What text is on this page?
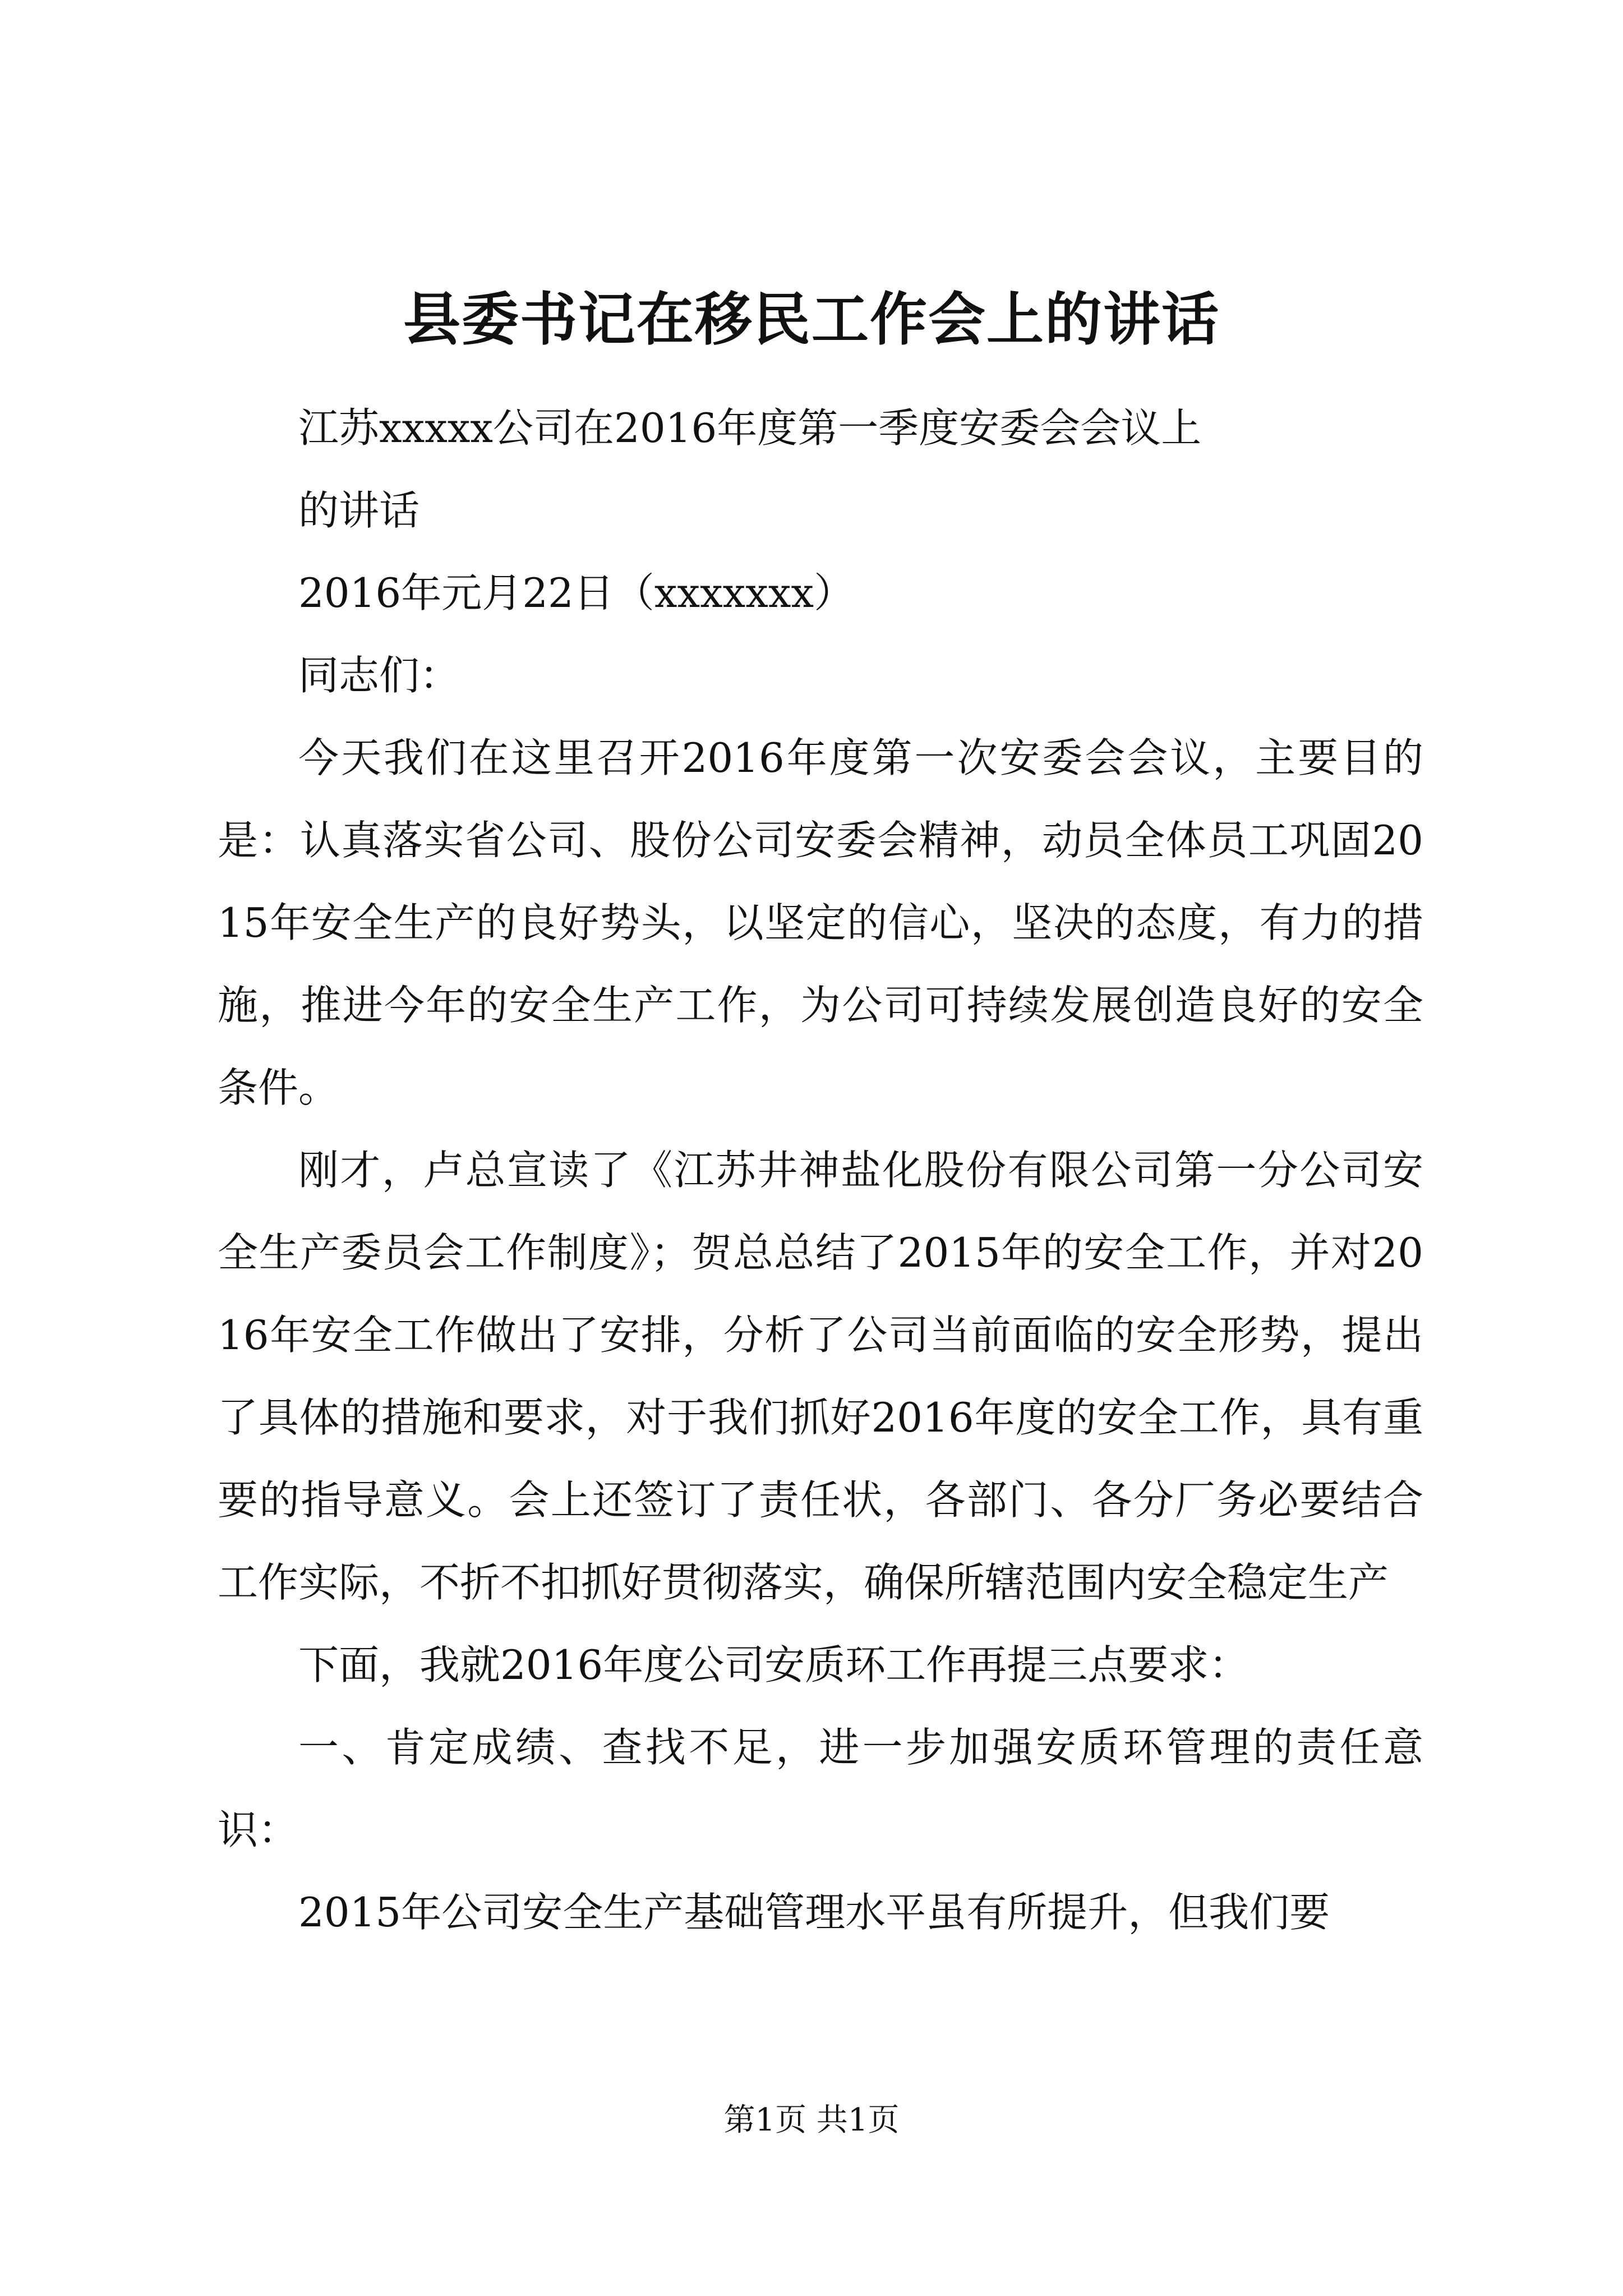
县委书记在移民工作会上的讲话

江苏xxxxx公司在2016年度第一季度安委会会议上

的讲话

2016年元月22日（xxxxxxx）

同志们：

今天我们在这里召开2016年度第一次安委会会议，主要目的是：认真落实省公司、股份公司安委会精神，动员全体员工巩固2015年安全生产的良好势头，以坚定的信心，坚决的态度，有力的措施，推进今年的安全生产工作，为公司可持续发展创造良好的安全条件。

刚才，卢总宣读了《江苏井神盐化股份有限公司第一分公司安全生产委员会工作制度》；贺总总结了2015年的安全工作，并对2016年安全工作做出了安排，分析了公司当前面临的安全形势，提出了具体的措施和要求，对于我们抓好2016年度的安全工作，具有重要的指导意义。会上还签订了责任状，各部门、各分厂务必要结合工作实际，不折不扣抓好贯彻落实，确保所辖范围内安全稳定生产

下面，我就2016年度公司安质环工作再提三点要求：

一、肯定成绩、查找不足，进一步加强安质环管理的责任意识：

2015年公司安全生产基础管理水平虽有所提升，但我们要

第1页 共1页
